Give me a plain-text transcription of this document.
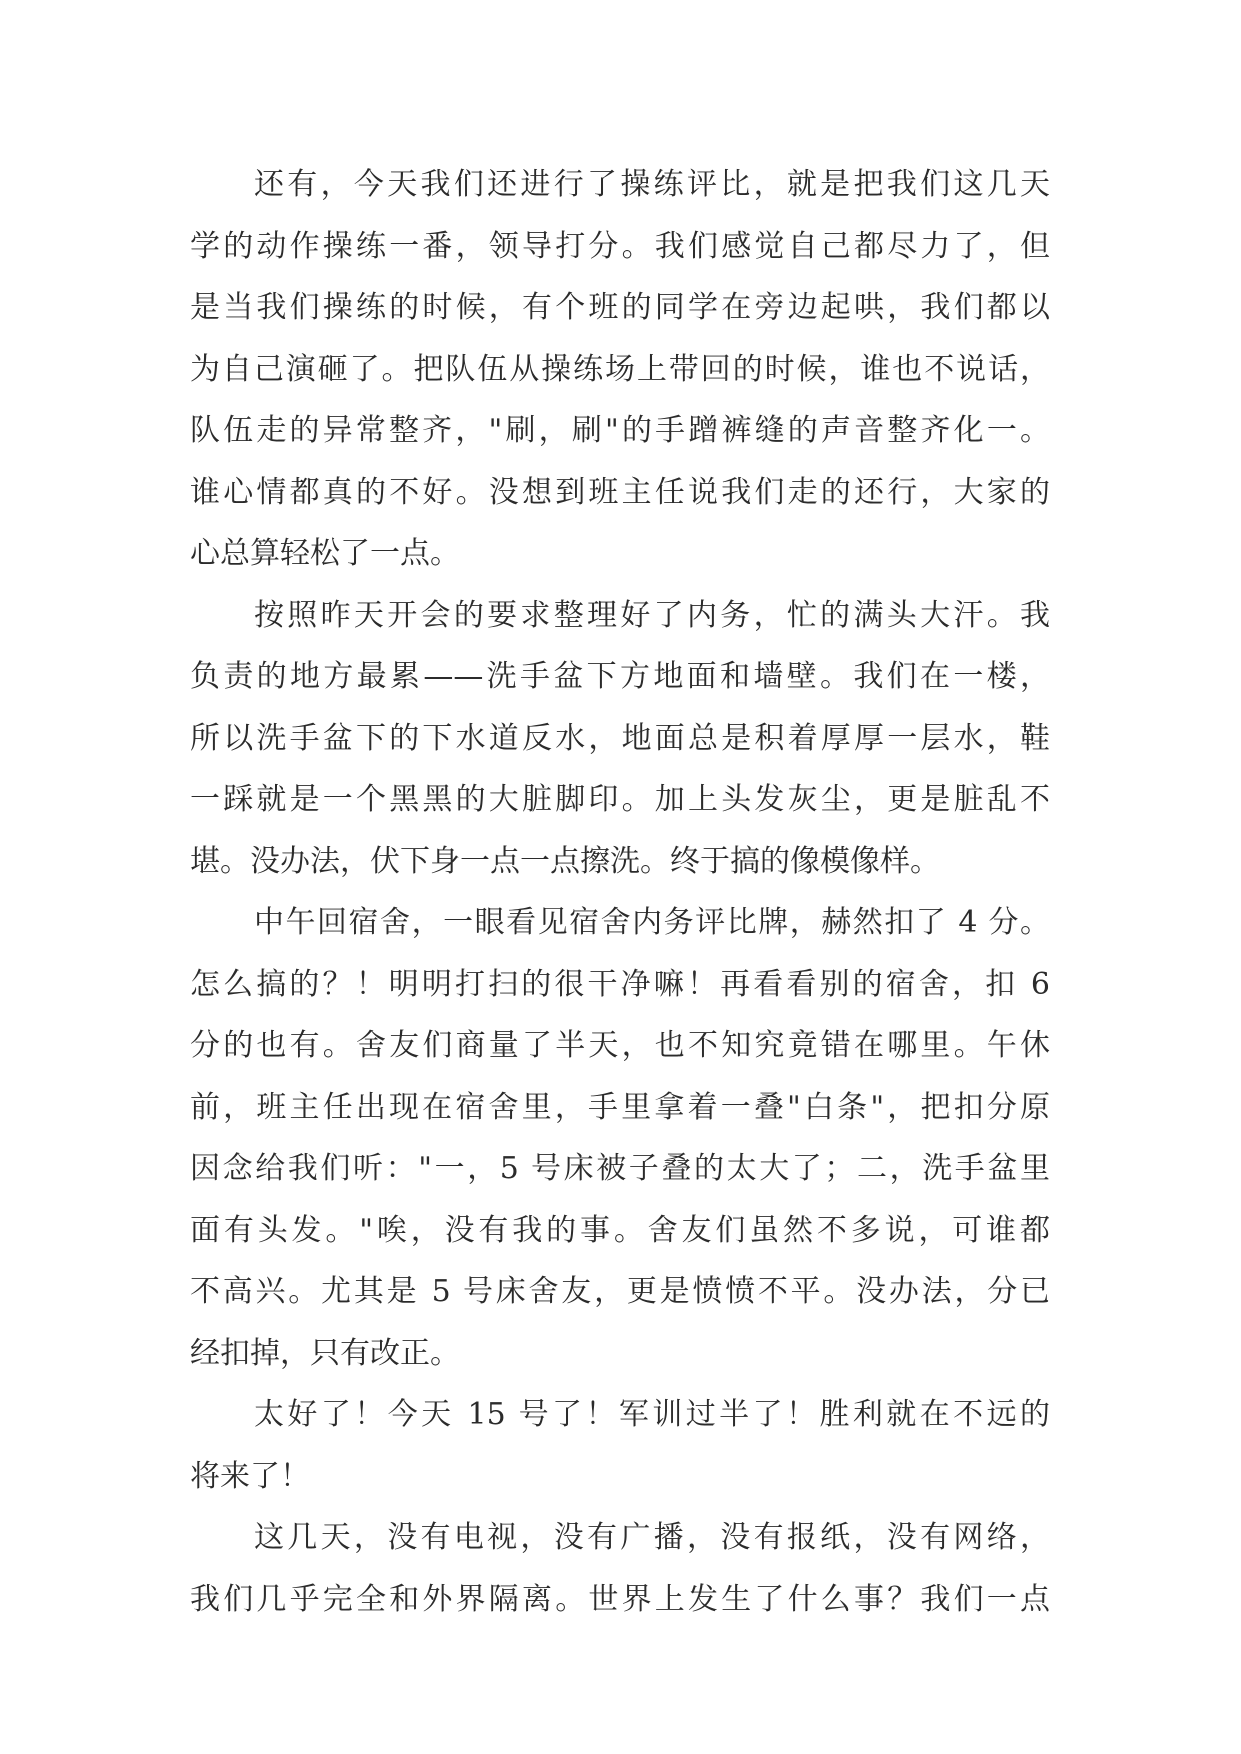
还有，今天我们还进行了操练评比，就是把我们这几天
学的动作操练一番，领导打分。我们感觉自己都尽力了，但
是当我们操练的时候，有个班的同学在旁边起哄，我们都以
为自己演砸了。把队伍从操练场上带回的时候，谁也不说话，
队伍走的异常整齐，"刷，刷"的手蹭裤缝的声音整齐化一。
谁心情都真的不好。没想到班主任说我们走的还行，大家的
心总算轻松了一点。
按照昨天开会的要求整理好了内务，忙的满头大汗。我
负责的地方最累——洗手盆下方地面和墙壁。我们在一楼，
所以洗手盆下的下水道反水，地面总是积着厚厚一层水，鞋
一踩就是一个黑黑的大脏脚印。加上头发灰尘，更是脏乱不
堪。没办法，伏下身一点一点擦洗。终于搞的像模像样。
中午回宿舍，一眼看见宿舍内务评比牌，赫然扣了 4 分。
怎么搞的？！明明打扫的很干净嘛！再看看别的宿舍，扣 6
分的也有。舍友们商量了半天，也不知究竟错在哪里。午休
前，班主任出现在宿舍里，手里拿着一叠"白条"，把扣分原
因念给我们听："一，5 号床被子叠的太大了；二，洗手盆里
面有头发。"唉，没有我的事。舍友们虽然不多说，可谁都
不高兴。尤其是 5 号床舍友，更是愤愤不平。没办法，分已
经扣掉，只有改正。
太好了！今天 15 号了！军训过半了！胜利就在不远的
将来了！
这几天，没有电视，没有广播，没有报纸，没有网络，
我们几乎完全和外界隔离。世界上发生了什么事？我们一点
